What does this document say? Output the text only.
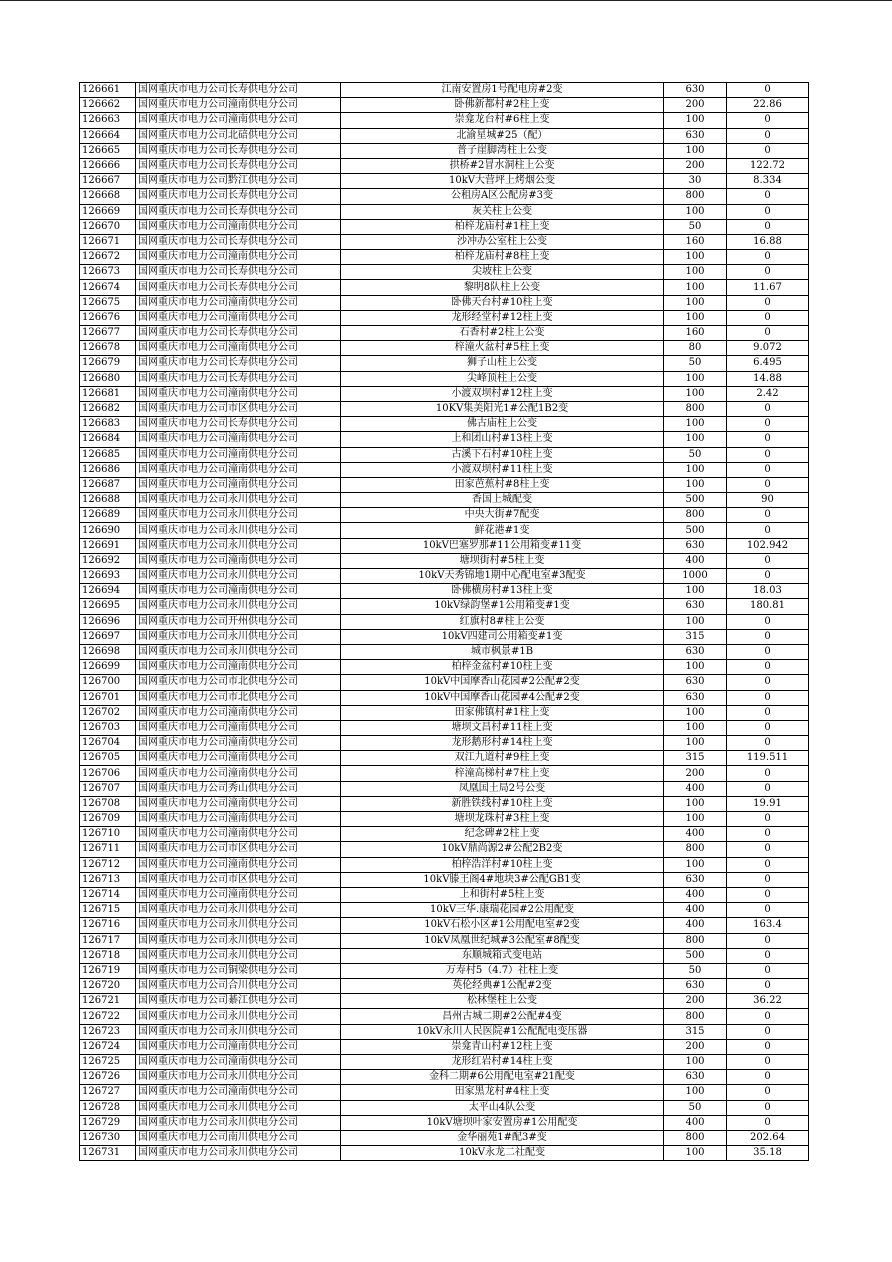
126661	国网重庆市电力公司长寿供电分公司	江南安置房1号配电房#2变	630	0
126662	国网重庆市电力公司潼南供电分公司	卧佛新都村#2柱上变	200	22.86
126663	国网重庆市电力公司潼南供电分公司	崇龛龙台村#6柱上变	100	0
126664	国网重庆市电力公司北碚供电分公司	北渝星城#25（配）	630	0
126665	国网重庆市电力公司长寿供电分公司	普子崖脚湾柱上公变	100	0
126666	国网重庆市电力公司长寿供电分公司	拱桥#2冒水洞柱上公变	200	122.72
126667	国网重庆市电力公司黔江供电分公司	10kV大营坪上烤烟公变	30	8.334
126668	国网重庆市电力公司长寿供电分公司	公租房A区公配房#3变	800	0
126669	国网重庆市电力公司长寿供电分公司	灰关柱上公变	100	0
126670	国网重庆市电力公司潼南供电分公司	柏梓龙庙村#1柱上变	50	0
126671	国网重庆市电力公司长寿供电分公司	沙冲办公室柱上公变	160	16.88
126672	国网重庆市电力公司潼南供电分公司	柏梓龙庙村#8柱上变	100	0
126673	国网重庆市电力公司长寿供电分公司	尖坡柱上公变	100	0
126674	国网重庆市电力公司长寿供电分公司	黎明8队柱上公变	100	11.67
126675	国网重庆市电力公司潼南供电分公司	卧佛天台村#10柱上变	100	0
126676	国网重庆市电力公司潼南供电分公司	龙形经堂村#12柱上变	100	0
126677	国网重庆市电力公司长寿供电分公司	石香村#2柱上公变	160	0
126678	国网重庆市电力公司潼南供电分公司	梓潼火盆村#5柱上变	80	9.072
126679	国网重庆市电力公司长寿供电分公司	狮子山柱上公变	50	6.495
126680	国网重庆市电力公司长寿供电分公司	尖峰顶柱上公变	100	14.88
126681	国网重庆市电力公司潼南供电分公司	小渡双坝村#12柱上变	100	2.42
126682	国网重庆市电力公司市区供电分公司	10KV集美阳光1#公配1B2变	800	0
126683	国网重庆市电力公司长寿供电分公司	佛古庙柱上公变	100	0
126684	国网重庆市电力公司潼南供电分公司	上和团山村#13柱上变	100	0
126685	国网重庆市电力公司潼南供电分公司	古溪下石村#10柱上变	50	0
126686	国网重庆市电力公司潼南供电分公司	小渡双坝村#11柱上变	100	0
126687	国网重庆市电力公司潼南供电分公司	田家芭蕉村#8柱上变	100	0
126688	国网重庆市电力公司永川供电分公司	香国上城配变	500	90
126689	国网重庆市电力公司永川供电分公司	中央大街#7配变	800	0
126690	国网重庆市电力公司永川供电分公司	鲜花港#1变	500	0
126691	国网重庆市电力公司永川供电分公司	10kV巴塞罗那#11公用箱变#11变	630	102.942
126692	国网重庆市电力公司潼南供电分公司	塘坝街村#5柱上变	400	0
126693	国网重庆市电力公司永川供电分公司	10kV天秀锦地1期中心配电室#3配变	1000	0
126694	国网重庆市电力公司潼南供电分公司	卧佛横房村#13柱上变	100	18.03
126695	国网重庆市电力公司永川供电分公司	10kV绿韵堡#1公用箱变#1变	630	180.81
126696	国网重庆市电力公司开州供电分公司	红旗村8#柱上公变	100	0
126697	国网重庆市电力公司永川供电分公司	10kV四建司公用箱变#1变	315	0
126698	国网重庆市电力公司永川供电分公司	城市枫景#1B	630	0
126699	国网重庆市电力公司潼南供电分公司	柏梓金盆村#10柱上变	100	0
126700	国网重庆市电力公司市北供电分公司	10kV中国摩香山花园#2公配#2变	630	0
126701	国网重庆市电力公司市北供电分公司	10kV中国摩香山花园#4公配#2变	630	0
126702	国网重庆市电力公司潼南供电分公司	田家佛镇村#1柱上变	100	0
126703	国网重庆市电力公司潼南供电分公司	塘坝文昌村#11柱上变	100	0
126704	国网重庆市电力公司潼南供电分公司	龙形鹅形村#14柱上变	100	0
126705	国网重庆市电力公司潼南供电分公司	双江九道村#9柱上变	315	119.511
126706	国网重庆市电力公司潼南供电分公司	梓潼高梯村#7柱上变	200	0
126707	国网重庆市电力公司秀山供电分公司	凤凰国土局2号公变	400	0
126708	国网重庆市电力公司潼南供电分公司	新胜铁线村#10柱上变	100	19.91
126709	国网重庆市电力公司潼南供电分公司	塘坝龙珠村#3柱上变	100	0
126710	国网重庆市电力公司潼南供电分公司	纪念碑#2柱上变	400	0
126711	国网重庆市电力公司市区供电分公司	10kV鼎尚源2#公配2B2变	800	0
126712	国网重庆市电力公司潼南供电分公司	柏梓浩洋村#10柱上变	100	0
126713	国网重庆市电力公司市区供电分公司	10kV滕王阁4#地块3#公配GB1变	630	0
126714	国网重庆市电力公司潼南供电分公司	上和街村#5柱上变	400	0
126715	国网重庆市电力公司永川供电分公司	10kV三华.康瑞花园#2公用配变	400	0
126716	国网重庆市电力公司永川供电分公司	10kV石松小区#1公用配电室#2变	400	163.4
126717	国网重庆市电力公司永川供电分公司	10kV凤凰世纪城#3公配室#8配变	800	0
126718	国网重庆市电力公司永川供电分公司	东顺城箱式变电站	500	0
126719	国网重庆市电力公司铜梁供电分公司	万寿村5（4.7）社柱上变	50	0
126720	国网重庆市电力公司合川供电分公司	英伦经典#1公配#2变	630	0
126721	国网重庆市电力公司綦江供电分公司	松林堡柱上公变	200	36.22
126722	国网重庆市电力公司永川供电分公司	昌州古城二期#2公配#4变	800	0
126723	国网重庆市电力公司永川供电分公司	10kV永川人民医院#1公配配电变压器	315	0
126724	国网重庆市电力公司潼南供电分公司	崇龛青山村#12柱上变	200	0
126725	国网重庆市电力公司潼南供电分公司	龙形红岩村#14柱上变	100	0
126726	国网重庆市电力公司永川供电分公司	金科二期#6公用配电室#21配变	630	0
126727	国网重庆市电力公司潼南供电分公司	田家黑龙村#4柱上变	100	0
126728	国网重庆市电力公司永川供电分公司	太平山4队公变	50	0
126729	国网重庆市电力公司永川供电分公司	10kV塘坝叶家安置房#1公用配变	400	0
126730	国网重庆市电力公司南川供电分公司	金华丽苑1#配3#变	800	202.64
126731	国网重庆市电力公司永川供电分公司	10kV永龙二社配变	100	35.18
